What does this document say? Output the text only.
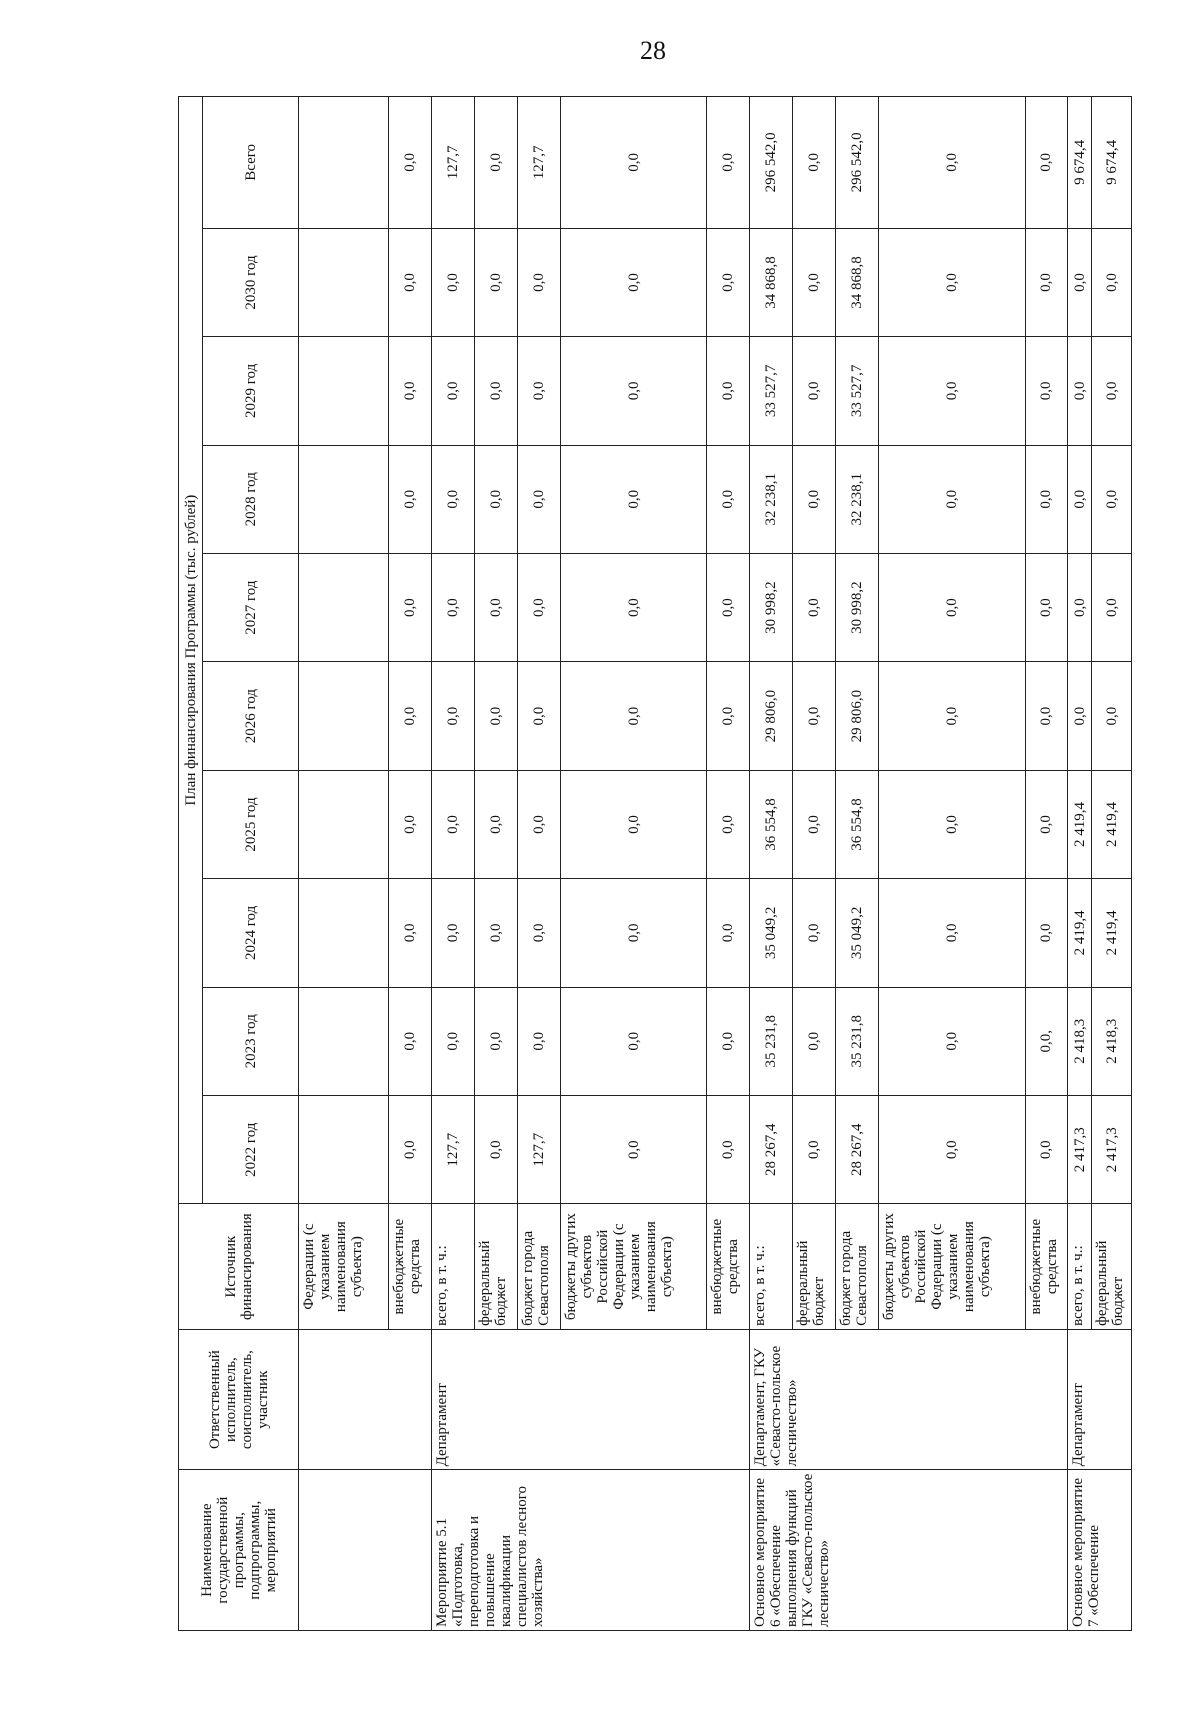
28
Наименование государственной программы, подпрограммы, мероприятий	Ответственный исполнитель, соисполнитель, участник	Источник финансирования	План финансирования Программы (тыс. рублей)									
			2022 год	2023 год	2024 год	2025 год	2026 год	2027 год	2028 год	2029 год	2030 год	Всего
		Федерации (с указанием наименования субъекта)										
		внебюджетные средства	0,0	0,0	0,0	0,0	0,0	0,0	0,0	0,0	0,0	0,0
Мероприятие 5.1 «Подготовка, переподготовка и повышение квалификации специалистов лесного хозяйства»	Департамент	всего, в т. ч.:	127,7	0,0	0,0	0,0	0,0	0,0	0,0	0,0	0,0	127,7
		федеральный бюджет	0,0	0,0	0,0	0,0	0,0	0,0	0,0	0,0	0,0	0,0
		бюджет города Севастополя	127,7	0,0	0,0	0,0	0,0	0,0	0,0	0,0	0,0	127,7
		бюджеты других субъектов Российской Федерации (с указанием наименования субъекта)	0,0	0,0	0,0	0,0	0,0	0,0	0,0	0,0	0,0	0,0
		внебюджетные средства	0,0	0,0	0,0	0,0	0,0	0,0	0,0	0,0	0,0	0,0
Основное мероприятие 6 «Обеспечение выполнения функций ГКУ «Севасто-польское лесничество»	Департамент, ГКУ «Севасто-польское лесничество»	всего, в т. ч.:	28 267,4	35 231,8	35 049,2	36 554,8	29 806,0	30 998,2	32 238,1	33 527,7	34 868,8	296 542,0
		федеральный бюджет	0,0	0,0	0,0	0,0	0,0	0,0	0,0	0,0	0,0	0,0
		бюджет города Севастополя	28 267,4	35 231,8	35 049,2	36 554,8	29 806,0	30 998,2	32 238,1	33 527,7	34 868,8	296 542,0
		бюджеты других субъектов Российской Федерации (с указанием наименования субъекта)	0,0	0,0	0,0	0,0	0,0	0,0	0,0	0,0	0,0	0,0
		внебюджетные средства	0,0	0,0,	0,0	0,0	0,0	0,0	0,0	0,0	0,0	0,0
Основное мероприятие 7 «Обеспечение	Департамент	всего, в т. ч.:	2 417,3	2 418,3	2 419,4	2 419,4	0,0	0,0	0,0	0,0	0,0	9 674,4
		федеральный бюджет	2 417,3	2 418,3	2 419,4	2 419,4	0,0	0,0	0,0	0,0	0,0	9 674,4
